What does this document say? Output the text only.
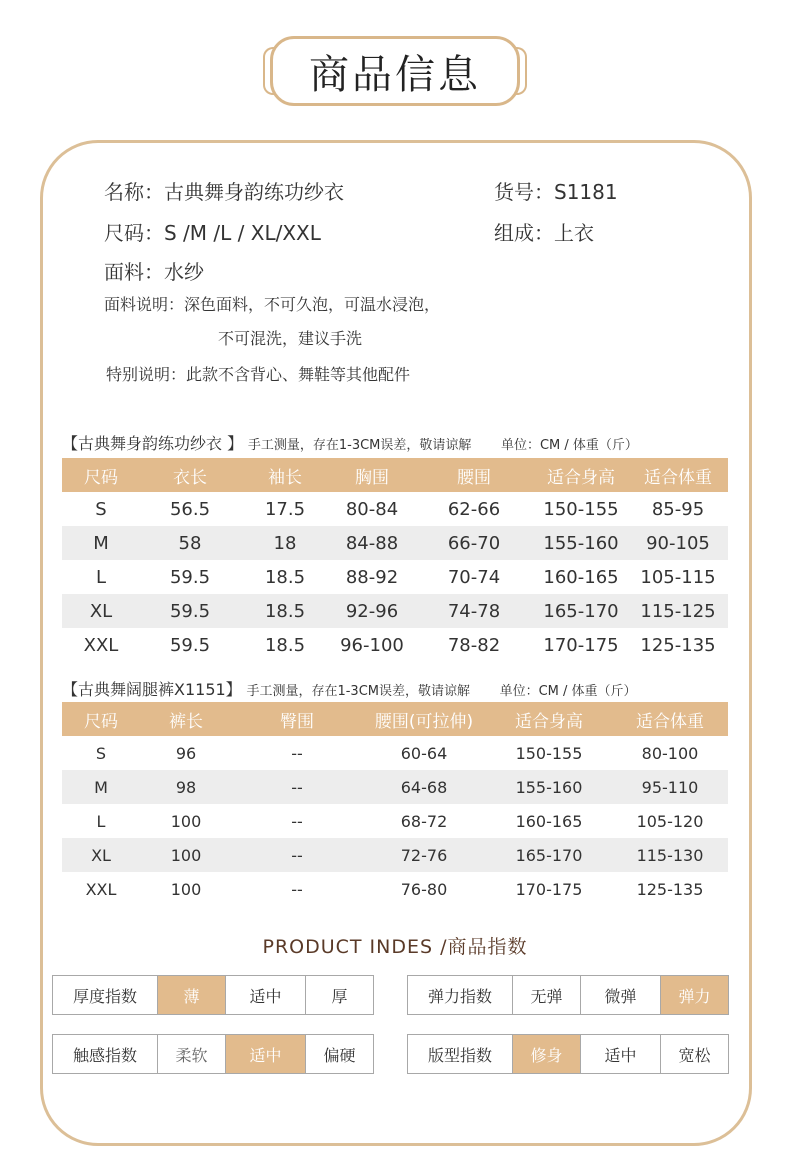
商品信息
名称：古典舞身韵练功纱衣	货号：S1181
尺码：S /M /L / XL/XXL	组成：上衣
面料：水纱
面料说明：深色面料，不可久泡，可温水浸泡，
不可混洗，建议手洗
特别说明：此款不含背心、舞鞋等其他配件
【古典舞身韵练功纱衣 】 手工测量，存在1-3CM误差，敬请谅解 单位：CM / 体重（斤）
尺码	衣长	袖长	胸围	腰围	适合身高	适合体重
S	56.5	17.5	80-84	62-66	150-155	85-95
M	58	18	84-88	66-70	155-160	90-105
L	59.5	18.5	88-92	70-74	160-165	105-115
XL	59.5	18.5	92-96	74-78	165-170	115-125
XXL	59.5	18.5	96-100	78-82	170-175	125-135
【古典舞阔腿裤X1151】 手工测量，存在1-3CM误差，敬请谅解 单位：CM / 体重（斤）
尺码	裤长	臀围	腰围(可拉伸)	适合身高	适合体重
S	96	--	60-64	150-155	80-100
M	98	--	64-68	155-160	95-110
L	100	--	68-72	160-165	105-120
XL	100	--	72-76	165-170	115-130
XXL	100	--	76-80	170-175	125-135
PRODUCT INDES /商品指数
厚度指数	薄	适中	厚	弹力指数	无弹	微弹	弹力
触感指数	柔软	适中	偏硬	版型指数	修身	适中	宽松
